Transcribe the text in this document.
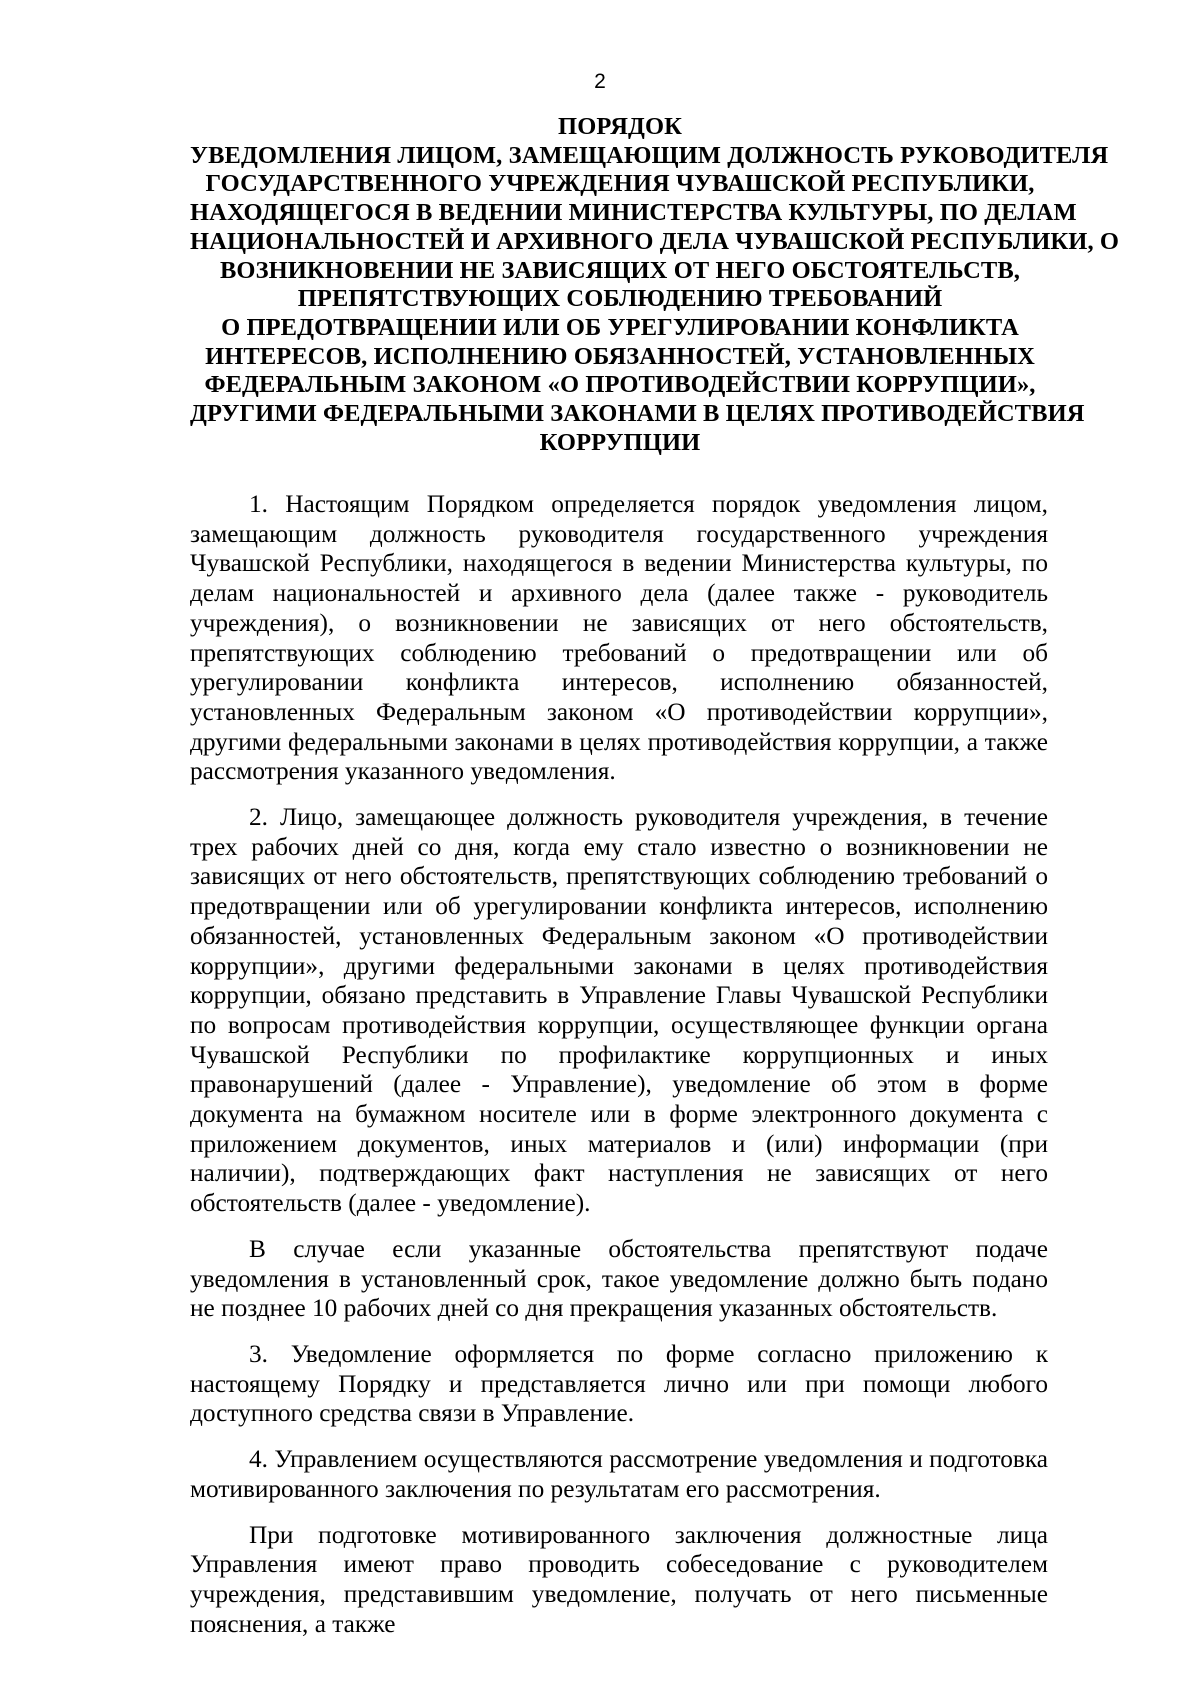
2
ПОРЯДОК
УВЕДОМЛЕНИЯ ЛИЦОМ, ЗАМЕЩАЮЩИМ ДОЛЖНОСТЬ РУКОВОДИТЕЛЯ
ГОСУДАРСТВЕННОГО УЧРЕЖДЕНИЯ ЧУВАШСКОЙ РЕСПУБЛИКИ,
НАХОДЯЩЕГОСЯ В ВЕДЕНИИ МИНИСТЕРСТВА КУЛЬТУРЫ, ПО ДЕЛАМ
НАЦИОНАЛЬНОСТЕЙ И АРХИВНОГО ДЕЛА ЧУВАШСКОЙ РЕСПУБЛИКИ, О
ВОЗНИКНОВЕНИИ НЕ ЗАВИСЯЩИХ ОТ НЕГО ОБСТОЯТЕЛЬСТВ,
ПРЕПЯТСТВУЮЩИХ СОБЛЮДЕНИЮ ТРЕБОВАНИЙ
О ПРЕДОТВРАЩЕНИИ ИЛИ ОБ УРЕГУЛИРОВАНИИ КОНФЛИКТА
ИНТЕРЕСОВ, ИСПОЛНЕНИЮ ОБЯЗАННОСТЕЙ, УСТАНОВЛЕННЫХ
ФЕДЕРАЛЬНЫМ ЗАКОНОМ «О ПРОТИВОДЕЙСТВИИ КОРРУПЦИИ»,
ДРУГИМИ ФЕДЕРАЛЬНЫМИ ЗАКОНАМИ В ЦЕЛЯХ ПРОТИВОДЕЙСТВИЯ
КОРРУПЦИИ

1. Настоящим Порядком определяется порядок уведомления лицом, замещающим должность руководителя государственного учреждения Чувашской Республики, находящегося в ведении Министерства культуры, по делам национальностей и архивного дела (далее также - руководитель учреждения), о возникновении не зависящих от него обстоятельств, препятствующих соблюдению требований о предотвращении или об урегулировании конфликта интересов, исполнению обязанностей, установленных Федеральным законом «О противодействии коррупции», другими федеральными законами в целях противодействия коррупции, а также рассмотрения указанного уведомления.

2. Лицо, замещающее должность руководителя учреждения, в течение трех рабочих дней со дня, когда ему стало известно о возникновении не зависящих от него обстоятельств, препятствующих соблюдению требований о предотвращении или об урегулировании конфликта интересов, исполнению обязанностей, установленных Федеральным законом «О противодействии коррупции», другими федеральными законами в целях противодействия коррупции, обязано представить в Управление Главы Чувашской Республики по вопросам противодействия коррупции, осуществляющее функции органа Чувашской Республики по профилактике коррупционных и иных правонарушений (далее - Управление), уведомление об этом в форме документа на бумажном носителе или в форме электронного документа с приложением документов, иных материалов и (или) информации (при наличии), подтверждающих факт наступления не зависящих от него обстоятельств (далее - уведомление).

В случае если указанные обстоятельства препятствуют подаче уведомления в установленный срок, такое уведомление должно быть подано не позднее 10 рабочих дней со дня прекращения указанных обстоятельств.

3. Уведомление оформляется по форме согласно приложению к настоящему Порядку и представляется лично или при помощи любого доступного средства связи в Управление.

4. Управлением осуществляются рассмотрение уведомления и подготовка мотивированного заключения по результатам его рассмотрения.

При подготовке мотивированного заключения должностные лица Управления имеют право проводить собеседование с руководителем учреждения, представившим уведомление, получать от него письменные пояснения, а также
